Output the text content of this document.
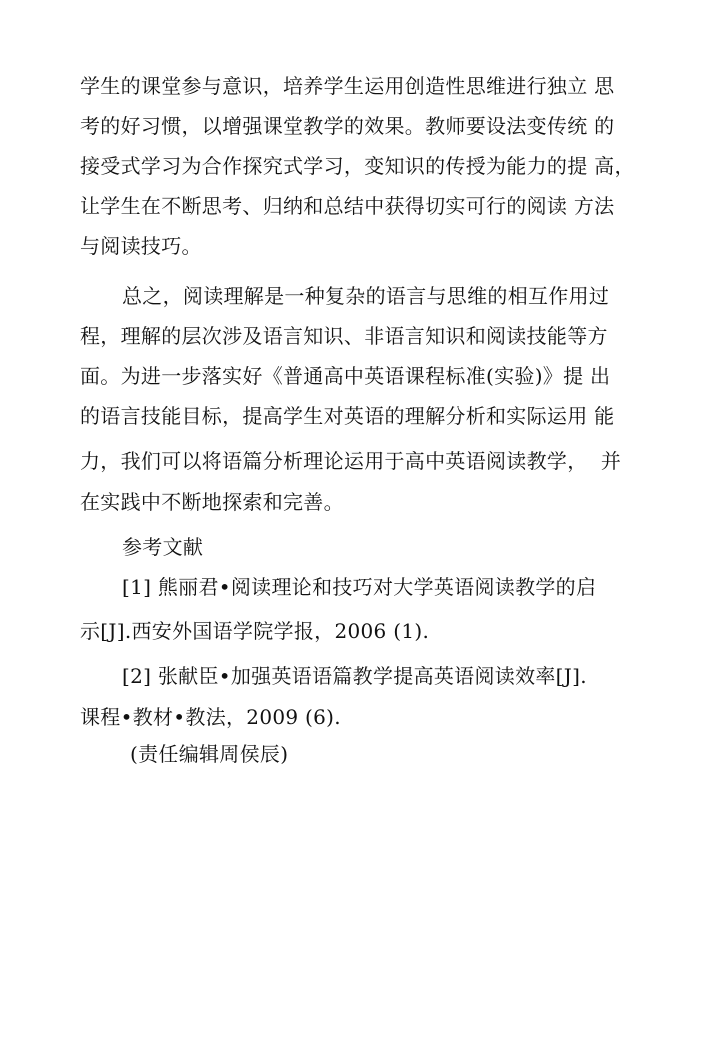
学生的课堂参与意识，培养学生运用创造性思维进行独立 思
考的好习惯，以增强课堂教学的效果。教师要设法变传统 的
接受式学习为合作探究式学习，变知识的传授为能力的提 高，
让学生在不断思考、归纳和总结中获得切实可行的阅读 方法
与阅读技巧。
总之，阅读理解是一种复杂的语言与思维的相互作用过
程，理解的层次涉及语言知识、非语言知识和阅读技能等方
面。为进一步落实好《普通高中英语课程标准(实验)》提 出
的语言技能目标，提高学生对英语的理解分析和实际运用 能
力，我们可以将语篇分析理论运用于高中英语阅读教学，  并
在实践中不断地探索和完善。
参考文献
[1] 熊丽君•阅读理论和技巧对大学英语阅读教学的启
示[J].西安外国语学院学报，2006 (1).
[2] 张献臣•加强英语语篇教学提高英语阅读效率[J].
课程•教材•教法，2009 (6).
(责任编辑周侯辰)
